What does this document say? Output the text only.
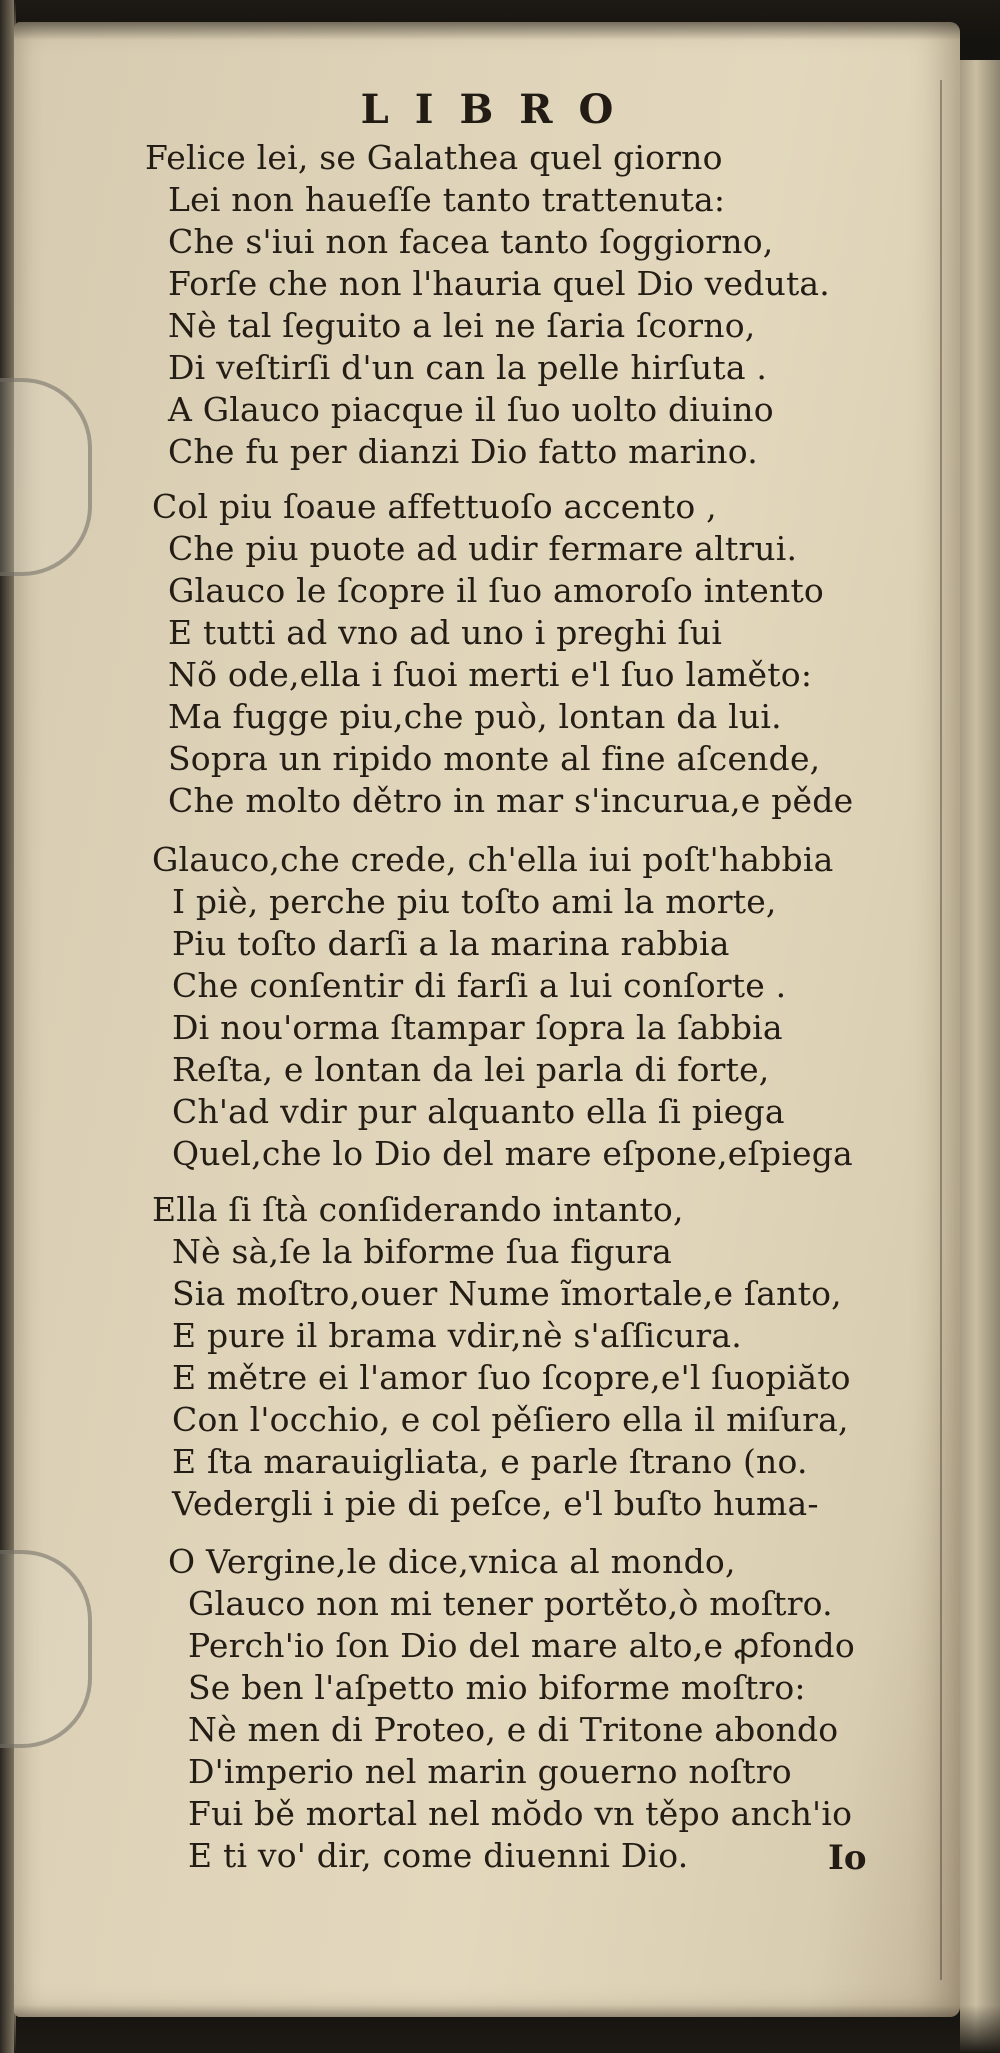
LIBRO
Felice lei, se Galathea quel giorno
Lei non haueſſe tanto trattenuta:
Che s'iui non facea tanto ſoggiorno,
Forſe che non l'hauria quel Dio veduta.
Nè tal ſeguito a lei ne ſaria ſcorno,
Di veſtirſi d'un can la pelle hirſuta .
A Glauco piacque il ſuo uolto diuino
Che fu per dianzi Dio fatto marino.
Col piu ſoaue affettuoſo accento ,
Che piu puote ad udir fermare altrui.
Glauco le ſcopre il ſuo amoroſo intento
E tutti ad vno ad uno i preghi ſui
Nõ ode,ella i ſuoi merti e'l ſuo laměto:
Ma fugge piu,che può, lontan da lui.
Sopra un ripido monte al fine aſcende,
Che molto dětro in mar s'incurua,e pěde
Glauco,che crede, ch'ella iui poſt'habbia
I piè, perche piu toſto ami la morte,
Piu toſto darſi a la marina rabbia
Che conſentir di farſi a lui conſorte .
Di nou'orma ſtampar ſopra la ſabbia
Reſta, e lontan da lei parla di forte,
Ch'ad vdir pur alquanto ella ſi piega
Quel,che lo Dio del mare eſpone,eſpiega
Ella ſi ſtà conſiderando intanto,
Nè sà,ſe la biforme ſua figura
Sia moſtro,ouer Nume ĩmortale,e ſanto,
E pure il brama vdir,nè s'aſſicura.
E mětre ei l'amor ſuo ſcopre,e'l ſuopiăto
Con l'occhio, e col pěſiero ella il miſura,
E ſta marauigliata, e parle ſtrano (no.
Vedergli i pie di peſce, e'l buſto huma-
O Vergine,le dice,vnica al mondo,
Glauco non mi tener portěto,ò moſtro.
Perch'io ſon Dio del mare alto,e ꝓfondo
Se ben l'aſpetto mio biforme moſtro:
Nè men di Proteo, e di Tritone abondo
D'imperio nel marin gouerno noſtro
Fui bě mortal nel mŏdo vn těpo anch'io
E ti vo' dir, come diuenni Dio.	Io
